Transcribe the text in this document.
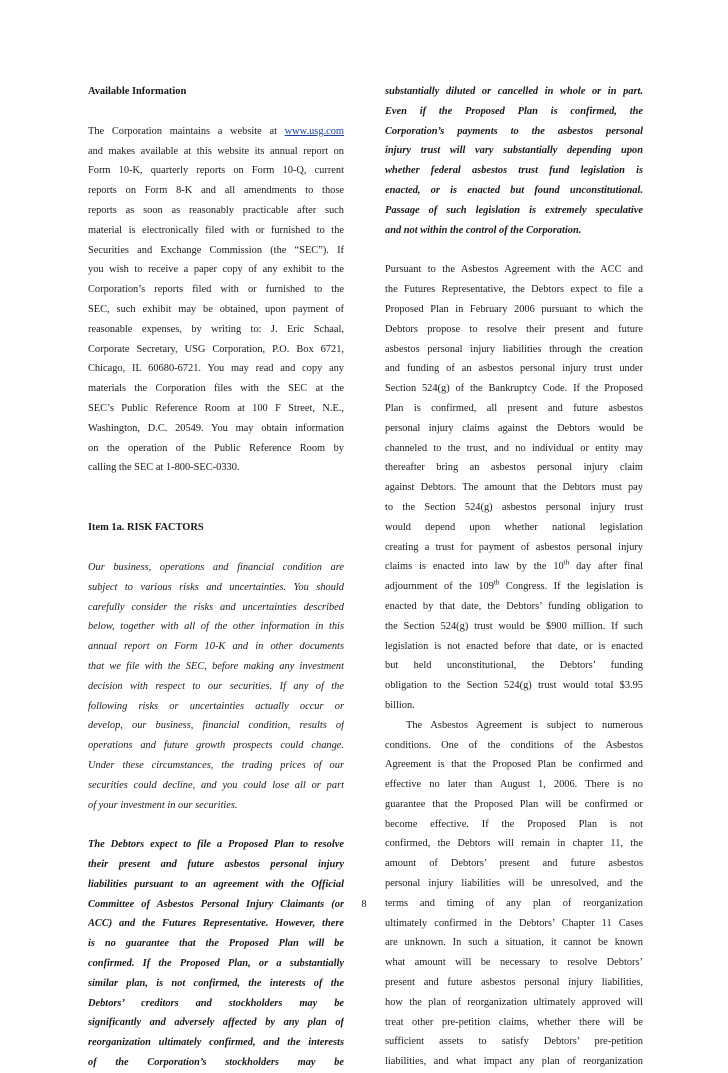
Available Information
The Corporation maintains a website at www.usg.com
and makes available at this website its annual report on
Form 10-K, quarterly reports on Form 10-Q, current
reports on Form 8-K and all amendments to those
reports as soon as reasonably practicable after such
material is electronically filed with or furnished to the
Securities and Exchange Commission (the “SEC”). If
you wish to receive a paper copy of any exhibit to the
Corporation’s reports filed with or furnished to the
SEC, such exhibit may be obtained, upon payment of
reasonable expenses, by writing to: J. Eric Schaal,
Corporate Secretary, USG Corporation, P.O. Box 6721,
Chicago, IL 60680-6721. You may read and copy any
materials the Corporation files with the SEC at the
SEC’s Public Reference Room at 100 F Street, N.E.,
Washington, D.C. 20549. You may obtain information
on the operation of the Public Reference Room by
calling the SEC at 1-800-SEC-0330.
Item 1a. RISK FACTORS
Our business, operations and financial condition are
subject to various risks and uncertainties. You should
carefully consider the risks and uncertainties described
below, together with all of the other information in this
annual report on Form 10-K and in other documents
that we file with the SEC, before making any investment
decision with respect to our securities. If any of the
following risks or uncertainties actually occur or
develop, our business, financial condition, results of
operations and future growth prospects could change.
Under these circumstances, the trading prices of our
securities could decline, and you could lose all or part
of your investment in our securities.
The Debtors expect to file a Proposed Plan to resolve
their present and future asbestos personal injury
liabilities pursuant to an agreement with the Official
Committee of Asbestos Personal Injury Claimants (or
ACC) and the Futures Representative. However, there
is no guarantee that the Proposed Plan will be
confirmed. If the Proposed Plan, or a substantially
similar plan, is not confirmed, the interests of the
Debtors’ creditors and stockholders may be
significantly and adversely affected by any plan of
reorganization ultimately confirmed, and the interests
of the Corporation’s stockholders may be
substantially diluted or cancelled in whole or in part.
Even if the Proposed Plan is confirmed, the
Corporation’s payments to the asbestos personal
injury trust will vary substantially depending upon
whether federal asbestos trust fund legislation is
enacted, or is enacted but found unconstitutional.
Passage of such legislation is extremely speculative
and not within the control of the Corporation.
Pursuant to the Asbestos Agreement with the ACC and
the Futures Representative, the Debtors expect to file a
Proposed Plan in February 2006 pursuant to which the
Debtors propose to resolve their present and future
asbestos personal injury liabilities through the creation
and funding of an asbestos personal injury trust under
Section 524(g) of the Bankruptcy Code. If the Proposed
Plan is confirmed, all present and future asbestos
personal injury claims against the Debtors would be
channeled to the trust, and no individual or entity may
thereafter bring an asbestos personal injury claim
against Debtors. The amount that the Debtors must pay
to the Section 524(g) asbestos personal injury trust
would depend upon whether national legislation
creating a trust for payment of asbestos personal injury
claims is enacted into law by the 10th day after final
adjournment of the 109th Congress. If the legislation is
enacted by that date, the Debtors’ funding obligation to
the Section 524(g) trust would be $900 million. If such
legislation is not enacted before that date, or is enacted
but held unconstitutional, the Debtors’ funding
obligation to the Section 524(g) trust would total $3.95
billion.
The Asbestos Agreement is subject to numerous
conditions. One of the conditions of the Asbestos
Agreement is that the Proposed Plan be confirmed and
effective no later than August 1, 2006. There is no
guarantee that the Proposed Plan will be confirmed or
become effective. If the Proposed Plan is not
confirmed, the Debtors will remain in chapter 11, the
amount of Debtors’ present and future asbestos
personal injury liabilities will be unresolved, and the
terms and timing of any plan of reorganization
ultimately confirmed in the Debtors’ Chapter 11 Cases
are unknown. In such a situation, it cannot be known
what amount will be necessary to resolve Debtors’
present and future asbestos personal injury liabilities,
how the plan of reorganization ultimately approved will
treat other pre-petition claims, whether there will be
sufficient assets to satisfy Debtors’ pre-petition
liabilities, and what impact any plan of reorganization
8
